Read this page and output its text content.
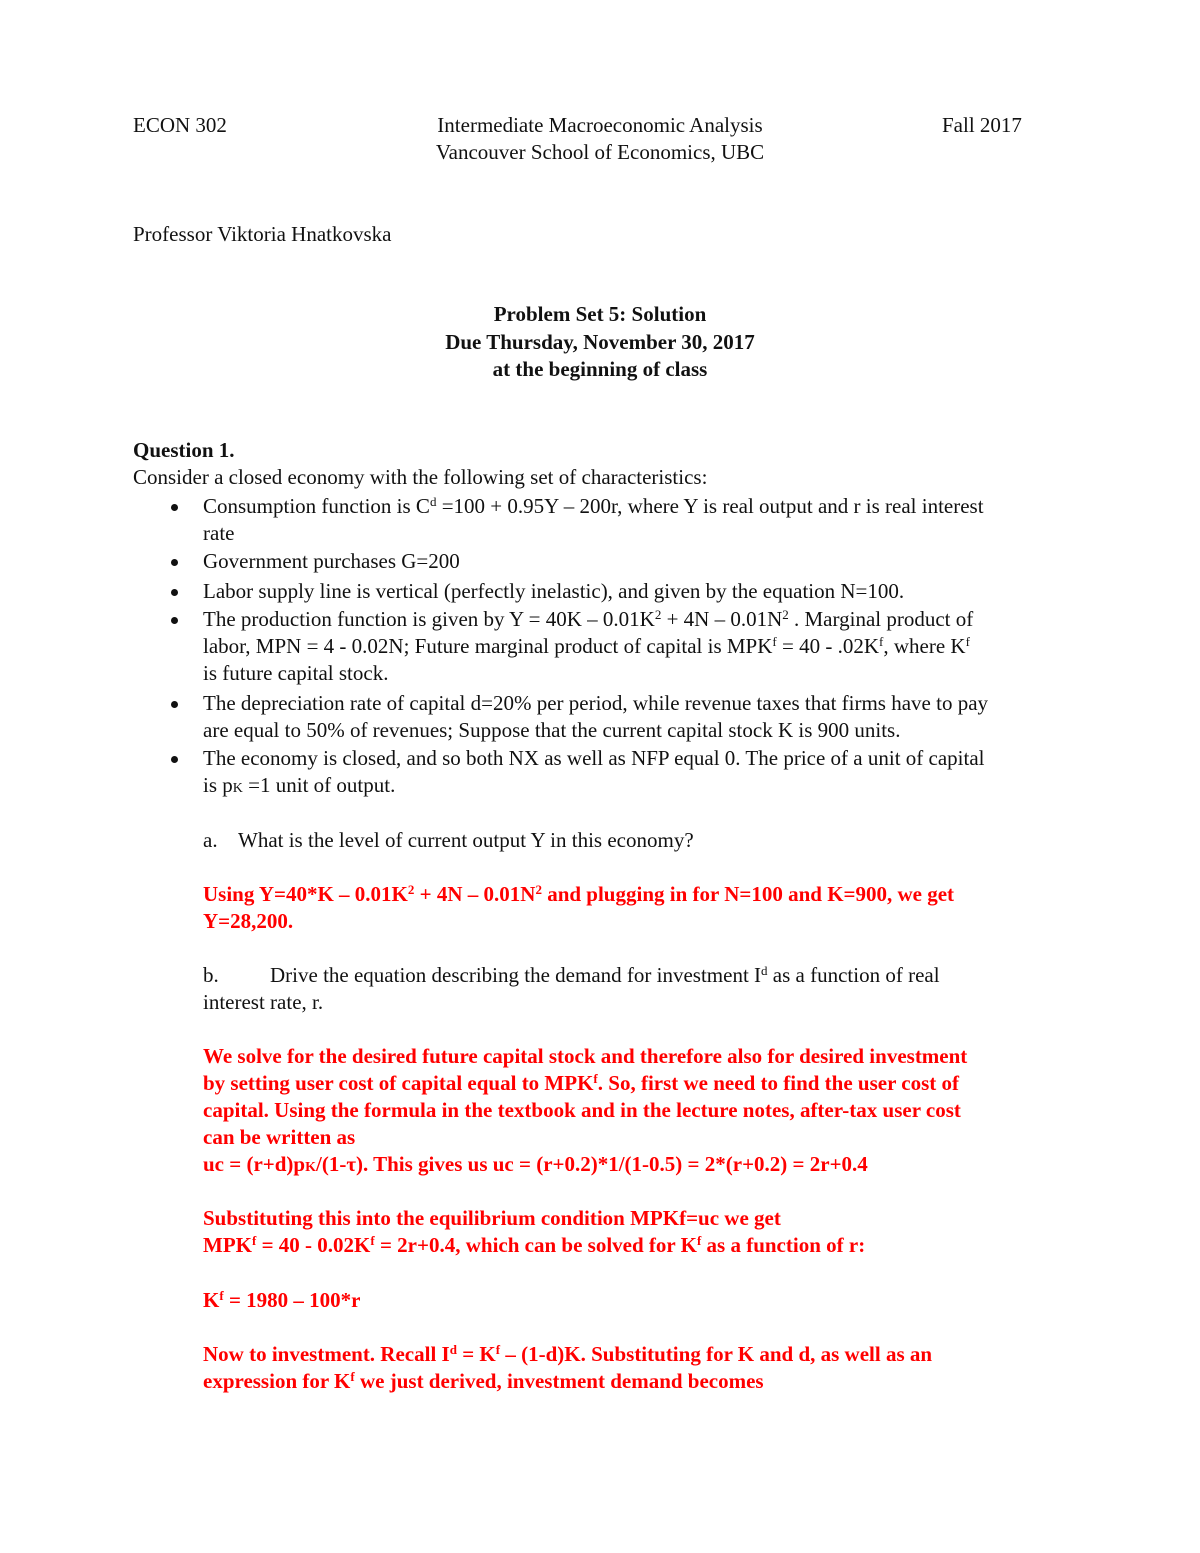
ECON 302	Intermediate Macroeconomic Analysis	Fall 2017
Vancouver School of Economics, UBC
Professor Viktoria Hnatkovska
Problem Set 5: Solution
Due Thursday, November 30, 2017
at the beginning of class
Question 1.
Consider a closed economy with the following set of characteristics:
Consumption function is $C^d =100 + 0.95Y - 200r$, where Y is real output and r is real interest
rate
Government purchases G=200
Labor supply line is vertical (perfectly inelastic), and given by the equation N=100.
The production function is given by $Y = 40K - 0.01K^2 + 4N - 0.01N^2$ . Marginal product of
labor, MPN = 4 - 0.02N; Future marginal product of capital is $MPK^f = 40 - .02K^f$, where $K^f$
is future capital stock.
The depreciation rate of capital d=20% per period, while revenue taxes that firms have to pay
are equal to 50% of revenues; Suppose that the current capital stock K is 900 units.
The economy is closed, and so both NX as well as NFP equal 0. The price of a unit of capital
is pK =1 unit of output.
a. What is the level of current output Y in this economy?
Using $Y=40*K - 0.01K^2 + 4N - 0.01N^2$ and plugging in for N=100 and K=900, we get
Y=28,200.
b. Drive the equation describing the demand for investment $I^d$ as a function of real
interest rate, r.
We solve for the desired future capital stock and therefore also for desired investment
by setting user cost of capital equal to MPK$^f$. So, first we need to find the user cost of
capital. Using the formula in the textbook and in the lecture notes, after-tax user cost
can be written as
uc = (r+d)pK/(1-τ). This gives us uc = (r+0.2)*1/(1-0.5) = 2*(r+0.2) = 2r+0.4
Substituting this into the equilibrium condition MPKf=uc we get
$MPK^f = 40 - 0.02K^f = 2r+0.4$, which can be solved for $K^f$ as a function of r:
$K^f = 1980 - 100*r$
Now to investment. Recall $I^d = K^f - (1-d)K$. Substituting for K and d, as well as an
expression for $K^f$ we just derived, investment demand becomes
